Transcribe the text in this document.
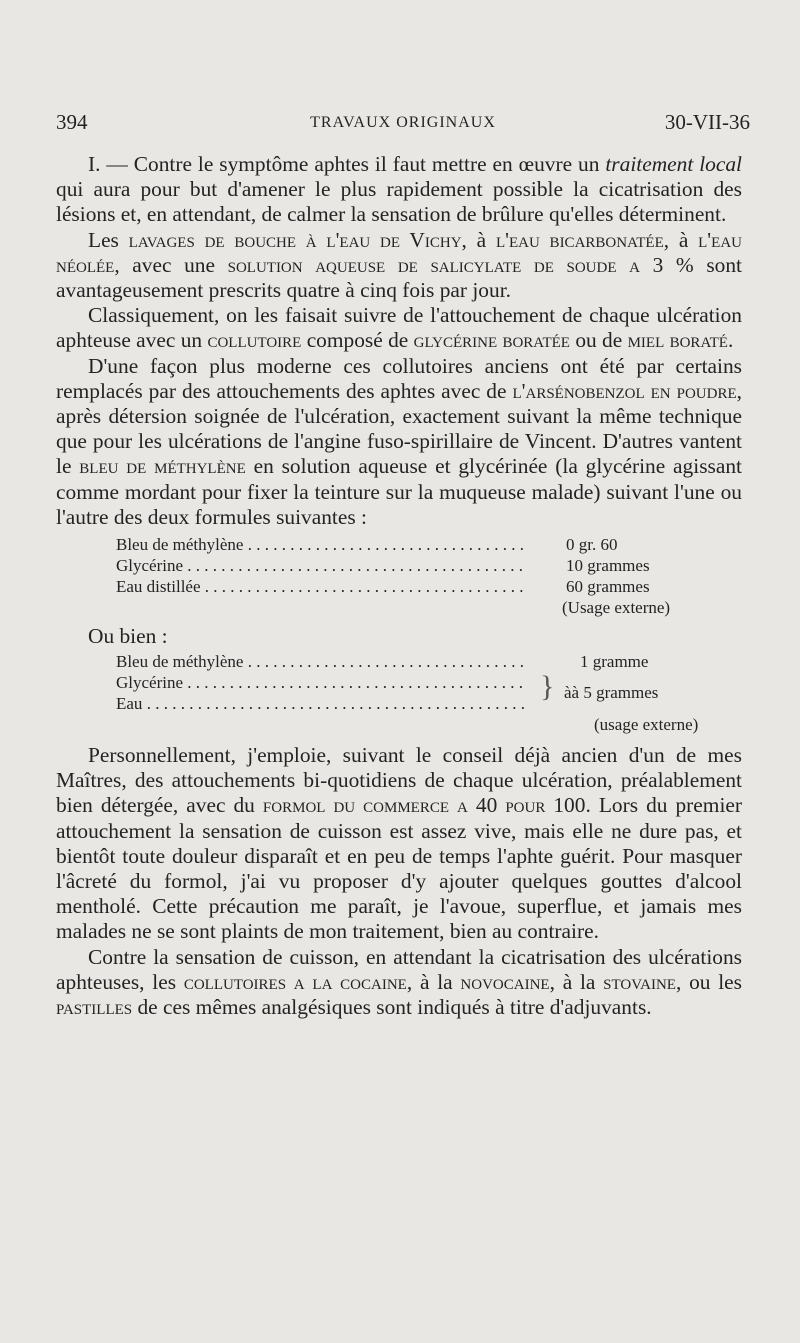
394	TRAVAUX ORIGINAUX	30-VII-36

I. — Contre le symptôme aphtes il faut mettre en œuvre un traitement local qui aura pour but d'amener le plus rapidement possible la cicatrisation des lésions et, en attendant, de calmer la sensation de brûlure qu'elles déterminent.

Les lavages de bouche à l'eau de Vichy, à l'eau bicarbonatée, à l'eau néolée, avec une solution aqueuse de salicylate de soude a 3 % sont avantageusement prescrits quatre à cinq fois par jour.

Classiquement, on les faisait suivre de l'attouchement de chaque ulcération aphteuse avec un collutoire composé de glycérine boratée ou de miel boraté.

D'une façon plus moderne ces collutoires anciens ont été par certains remplacés par des attouchements des aphtes avec de l'arsénobenzol en poudre, après détersion soignée de l'ulcération, exactement suivant la même technique que pour les ulcérations de l'angine fuso-spirillaire de Vincent. D'autres vantent le bleu de méthylène en solution aqueuse et glycérinée (la glycérine agissant comme mordant pour fixer la teinture sur la muqueuse malade) suivant l'une ou l'autre des deux formules suivantes :

Bleu de méthylène . . .	0 gr. 60
Glycérine . . .	10 grammes
Eau distillée . . .	60 grammes
(Usage externe)
Ou bien :
Bleu de méthylène . . .	1 gramme
Glycérine . . .
Eau . . .
} àà 5 grammes
(usage externe)

Personnellement, j'emploie, suivant le conseil déjà ancien d'un de mes Maîtres, des attouchements bi-quotidiens de chaque ulcération, préalablement bien détergée, avec du formol du commerce a 40 pour 100. Lors du premier attouchement la sensation de cuisson est assez vive, mais elle ne dure pas, et bientôt toute douleur disparaît et en peu de temps l'aphte guérit. Pour masquer l'âcreté du formol, j'ai vu proposer d'y ajouter quelques gouttes d'alcool mentholé. Cette précaution me paraît, je l'avoue, superflue, et jamais mes malades ne se sont plaints de mon traitement, bien au contraire.

Contre la sensation de cuisson, en attendant la cicatrisation des ulcérations aphteuses, les collutoires a la cocaine, à la novocaine, à la stovaine, ou les pastilles de ces mêmes analgésiques sont indiqués à titre d'adjuvants.
